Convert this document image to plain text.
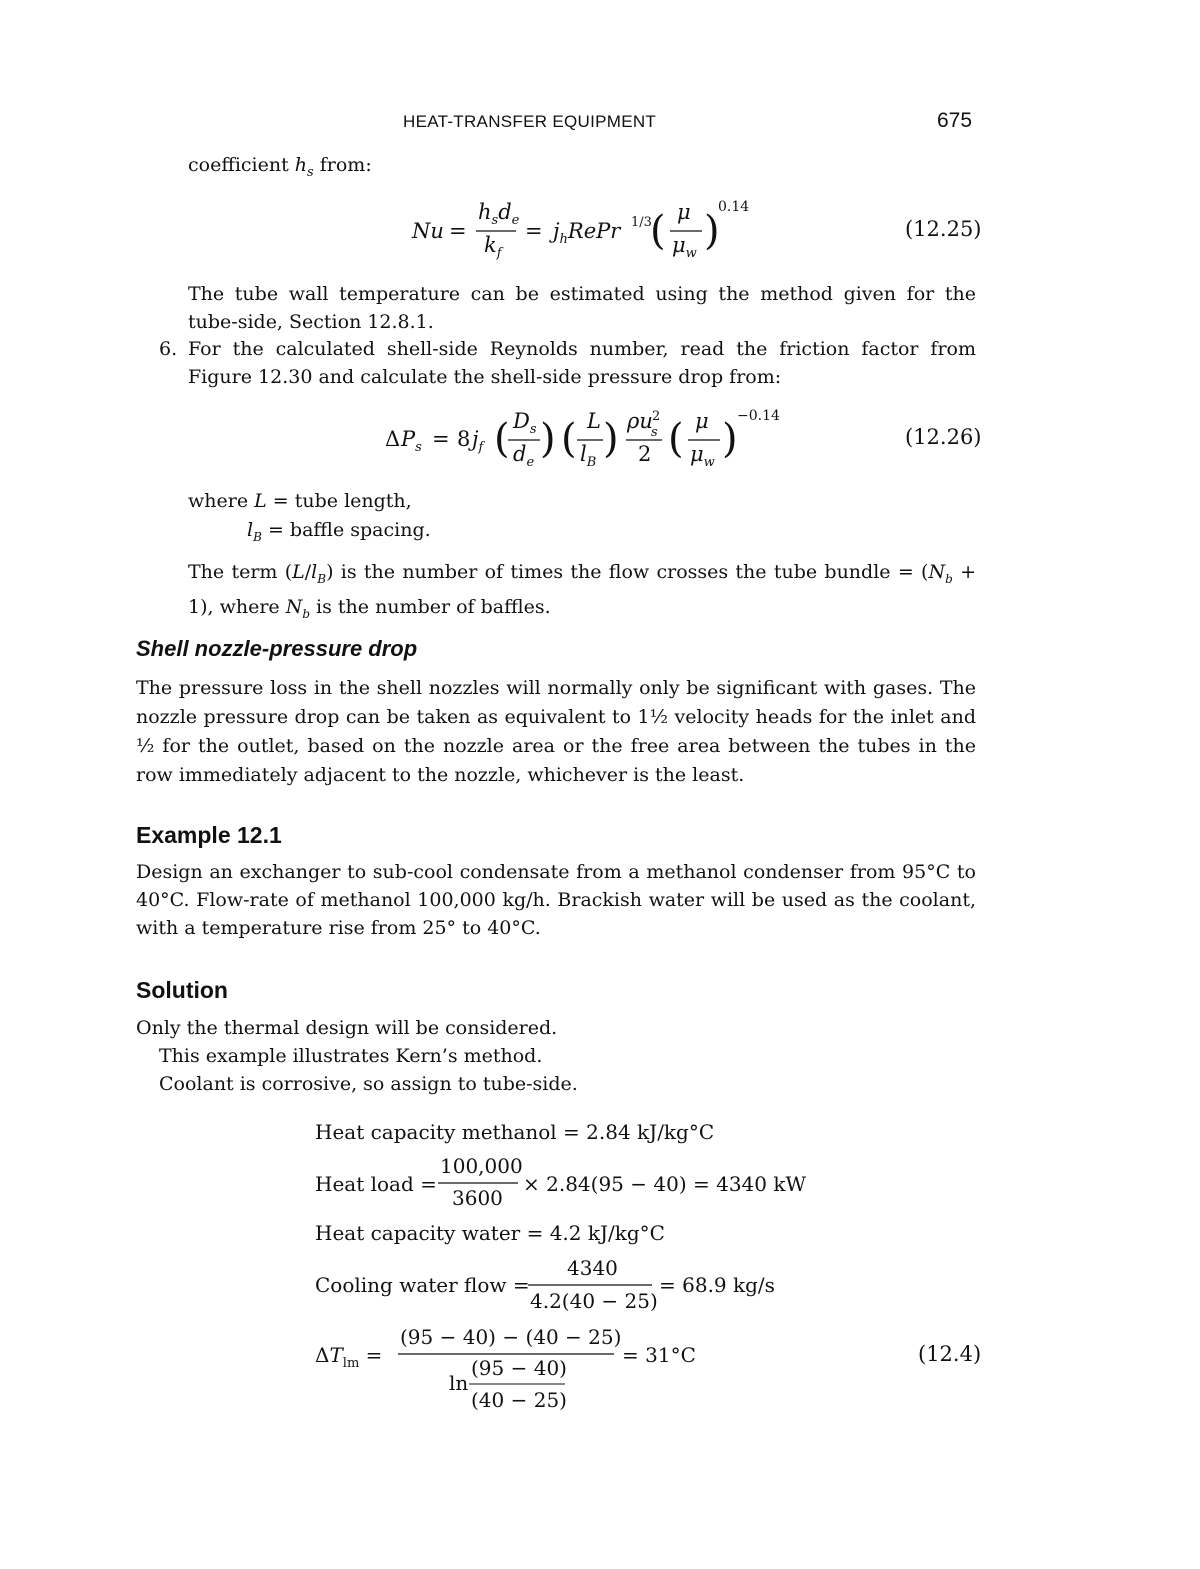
HEAT-TRANSFER EQUIPMENT	675
coefficient $h_s$ from:
Nu =
$h_sd_e$
$k_f$
= $j_hRePr$ 1/3
( μ
$\mu_w$ )
0.14
(12.25)
The tube wall temperature can be estimated using the method given for the tube-side, Section 12.8.1.
6. For the calculated shell-side Reynolds number, read the friction factor from Figure 12.30 and calculate the shell-side pressure drop from:
Δ $P_s = 8$ $j_f$ ( $D_s$
$d_e$
) ( L
$l_B$
) ρu 2
s
2 ( μ
$\mu_w$
) −0.14
(12.26)
where L = tube length,
$l_B$ = baffle spacing.
The term $(L/l_B)$ is the number of times the flow crosses the tube bundle = $(N_b + 1)$, where $N_b$ is the number of baffles.
Shell nozzle-pressure drop
The pressure loss in the shell nozzles will normally only be significant with gases. The nozzle pressure drop can be taken as equivalent to 1½ velocity heads for the inlet and ½ for the outlet, based on the nozzle area or the free area between the tubes in the row immediately adjacent to the nozzle, whichever is the least.
Example 12.1
Design an exchanger to sub-cool condensate from a methanol condenser from 95°C to 40°C. Flow-rate of methanol 100,000 kg/h. Brackish water will be used as the coolant, with a temperature rise from 25° to 40°C.
Solution
Only the thermal design will be considered.
This example illustrates Kern’s method.
Coolant is corrosive, so assign to tube-side.
Heat capacity methanol = 2.84 kJ/kg°C
Heat load =
100,000
3600
× 2.84(95 − 40) = 4340 kW
Cooling water flow =
4340
4.2(40 − 25)
= 68.9 kg/s
$\Delta T_{lm}$ =
(95 − 40) − (40 − 25)
ln
(95 − 40)
(40 − 25)
= 31°C
Heat capacity water = 4.2 kJ/kg°C
(12.4)
